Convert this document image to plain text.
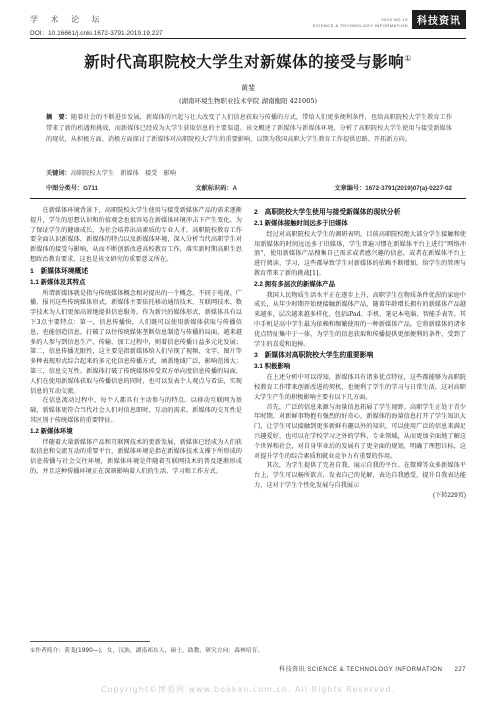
学 术 论 坛
DOI：10.16661/j.cnki.1672-3791.2019.19.227
2019 NO.19
SCIENCE & TECHNOLOGY INFORMATION 科技资讯
新时代高职院校大学生对新媒体的接受与影响①
黄斐
(湖南环境生物职业技术学院 湖南衡阳 421005)
摘　要：随着社会的不断进步发展，新媒体的兴起与壮大改变了人们信息获取与传播的方式，带给人们更多便利条件，也给高职院校大学生教育工作带来了新的机遇和挑战，而新媒体已经成为大学生获取信息的主要渠道。该文概述了新媒体与新媒体环境，分析了高职院校大学生使用与接受新媒体的现状，从积极方面、消极方面探讨了新媒体对高职院校大学生的重要影响，以期为我国高职大学生教育工作提供思路、开拓新方向。
关键词：高职院校大学生　新媒体　接受　影响
中图分类号：G711	文献标识码：A	文章编号：1672-3791(2019)07(a)-0227-02

在新媒体环境背景下，高职院校大学生使用与接受新媒体产品的需求逐渐提升，学生的思想认识和价值观念也很容易在新媒体环境冲击下产生变化。为了保证学生的健康成长，为社会培养出高素质的专业人才，高职院校教育工作要全面认识新媒体，新媒体的特点以及新媒体环境，深入分析当代高职学生对新媒体的接受与影响，从而不断创新改进高校教育工作，落实新时期高职生思想政治教育要求，这也是该文研究的重要意义所在。

1　新媒体环境概述
1.1 新媒体及其特点

所谓新媒体就是指与传统媒体概念相对提出的一个概念，不同于电视、广播、报刊这些传统媒体形式，新媒体主要依托移动通信技术、互联网技术、数字技术为人们更加高效地提供信息服务。作为新兴的媒体形式，新媒体具有以下3点主要特点：第一，信息传播快，人们既可以使用新媒体获取与传播信息，也能创造信息，打破了以往传统媒体垄断信息制造与传播的局面，越来越多的人参与到信息生产、传输、加工过程中，则着信息传播日益多元化发展；第二，信息传播无限性，这主要是指新媒体给人们呈现了视频、文字、图片等多种表现形式综合起来的多元化信息传播方式，涵盖地域广泛，影响范围大；第三，信息交互性。新媒体打破了传统媒体传受双方单向度信息传播的局面，人们在使用新媒体获取与传播信息的同时，也可以发表个人观点与看法，实现信息的互动交流。

在信息流动过程中，每个人都具有主动参与的特点。以移动互联网为基础，新媒体更符合当代社会人们对信息即时、互动的需求，新媒体的交互性是其区别于传统媒体的重要特征。

1.2 新媒体环境

伴随着大量新媒体产品和互联网技术的更新发展，新媒体已经成为人们获取信息和交流互动的重要平台，新媒体环境是指在新媒体技术支撑下所形成的信息传播与社会交往环境，新媒体环境是伴随着互联网技术的普及逐渐形成的，并且这种传播环境正在深刻影响着人们的生活、学习和工作方式。

2　高职院校大学生使用与接受新媒体的现状分析
2.1 新媒体接触时间远多于旧媒体

经过对高职院校大学生的调研表明，目前高职院校绝大部分学生接触和使用新媒体的时间远远多于旧媒体，学生普遍习惯在新媒体平台上进行“网络冲浪”，使用新媒体产品搜集自己需求或者感兴趣的信息，或者在新媒体平台上进行阅读、学习，这些都导致学生对新媒体的依赖不断增加，给学生的管理与教育带来了新的挑战[1]。

2.2 拥有多层次的新媒体产品

我国人民物质生活水平正在逐步上升，高职学生在物质条件优渥的家庭中成长，从年少时期开始便接触新媒体产品，随着年龄增长拥有的新媒体产品越来越多，层次越来越多样化，包括iPad、手机、笔记本电脑、智能手表等。其中手机是高中学生最为依赖和频繁使用的一种新媒体产品，它将新媒体的诸多优点特征集中于一体，为学生的信息获取和传播提供更加便利的条件，受到了学生的喜爱和追捧。

3　新媒体对高职院校大学生的重要影响
3.1 积极影响

在上述分析中可以得知，新媒体具有诸多优点特征，这些都能够为高职院校教育工作带来创新改进的契机，也便利了学生的学习与日常生活，这对高职大学生产生的积极影响主要有以下几方面。

首先，广泛的信息来源与海量信息拓展了学生视野。高职学生正处于青少年时期，对新鲜事物抱有强烈的好奇心，新媒体的海量信息打开了学生知识大门，让学生可以接触到更多新鲜有趣以外的知识，可以使用广泛的信息来满足兴趣爱好，也可以在学校学习之外的学科、专业领域，从而更加全面地了解这个世界和社会，对自身毕业后的发展有了更全面的规划，明确了理想目标，这对提升学生的综合素质和就业竞争力有重要的作用。

其次，为学生提供了完善自我、展示自我的平台。在微博等众多新媒体平台上，学生可以畅所欲言，发表自己的见解，表达自我感受，提升自我表达能力，这对于学生个性化发展与自我展示

(下转229页)
①作者简介：黄斐(1990—)，女，汉族，湖南祁东人，硕士，助教，研究方向：森林培育。
科技资讯 SCIENCE & TECHNOLOGY INFORMATION 227
Copyright©博看网 www.bookan.com.cn. All Rights Reserved.
